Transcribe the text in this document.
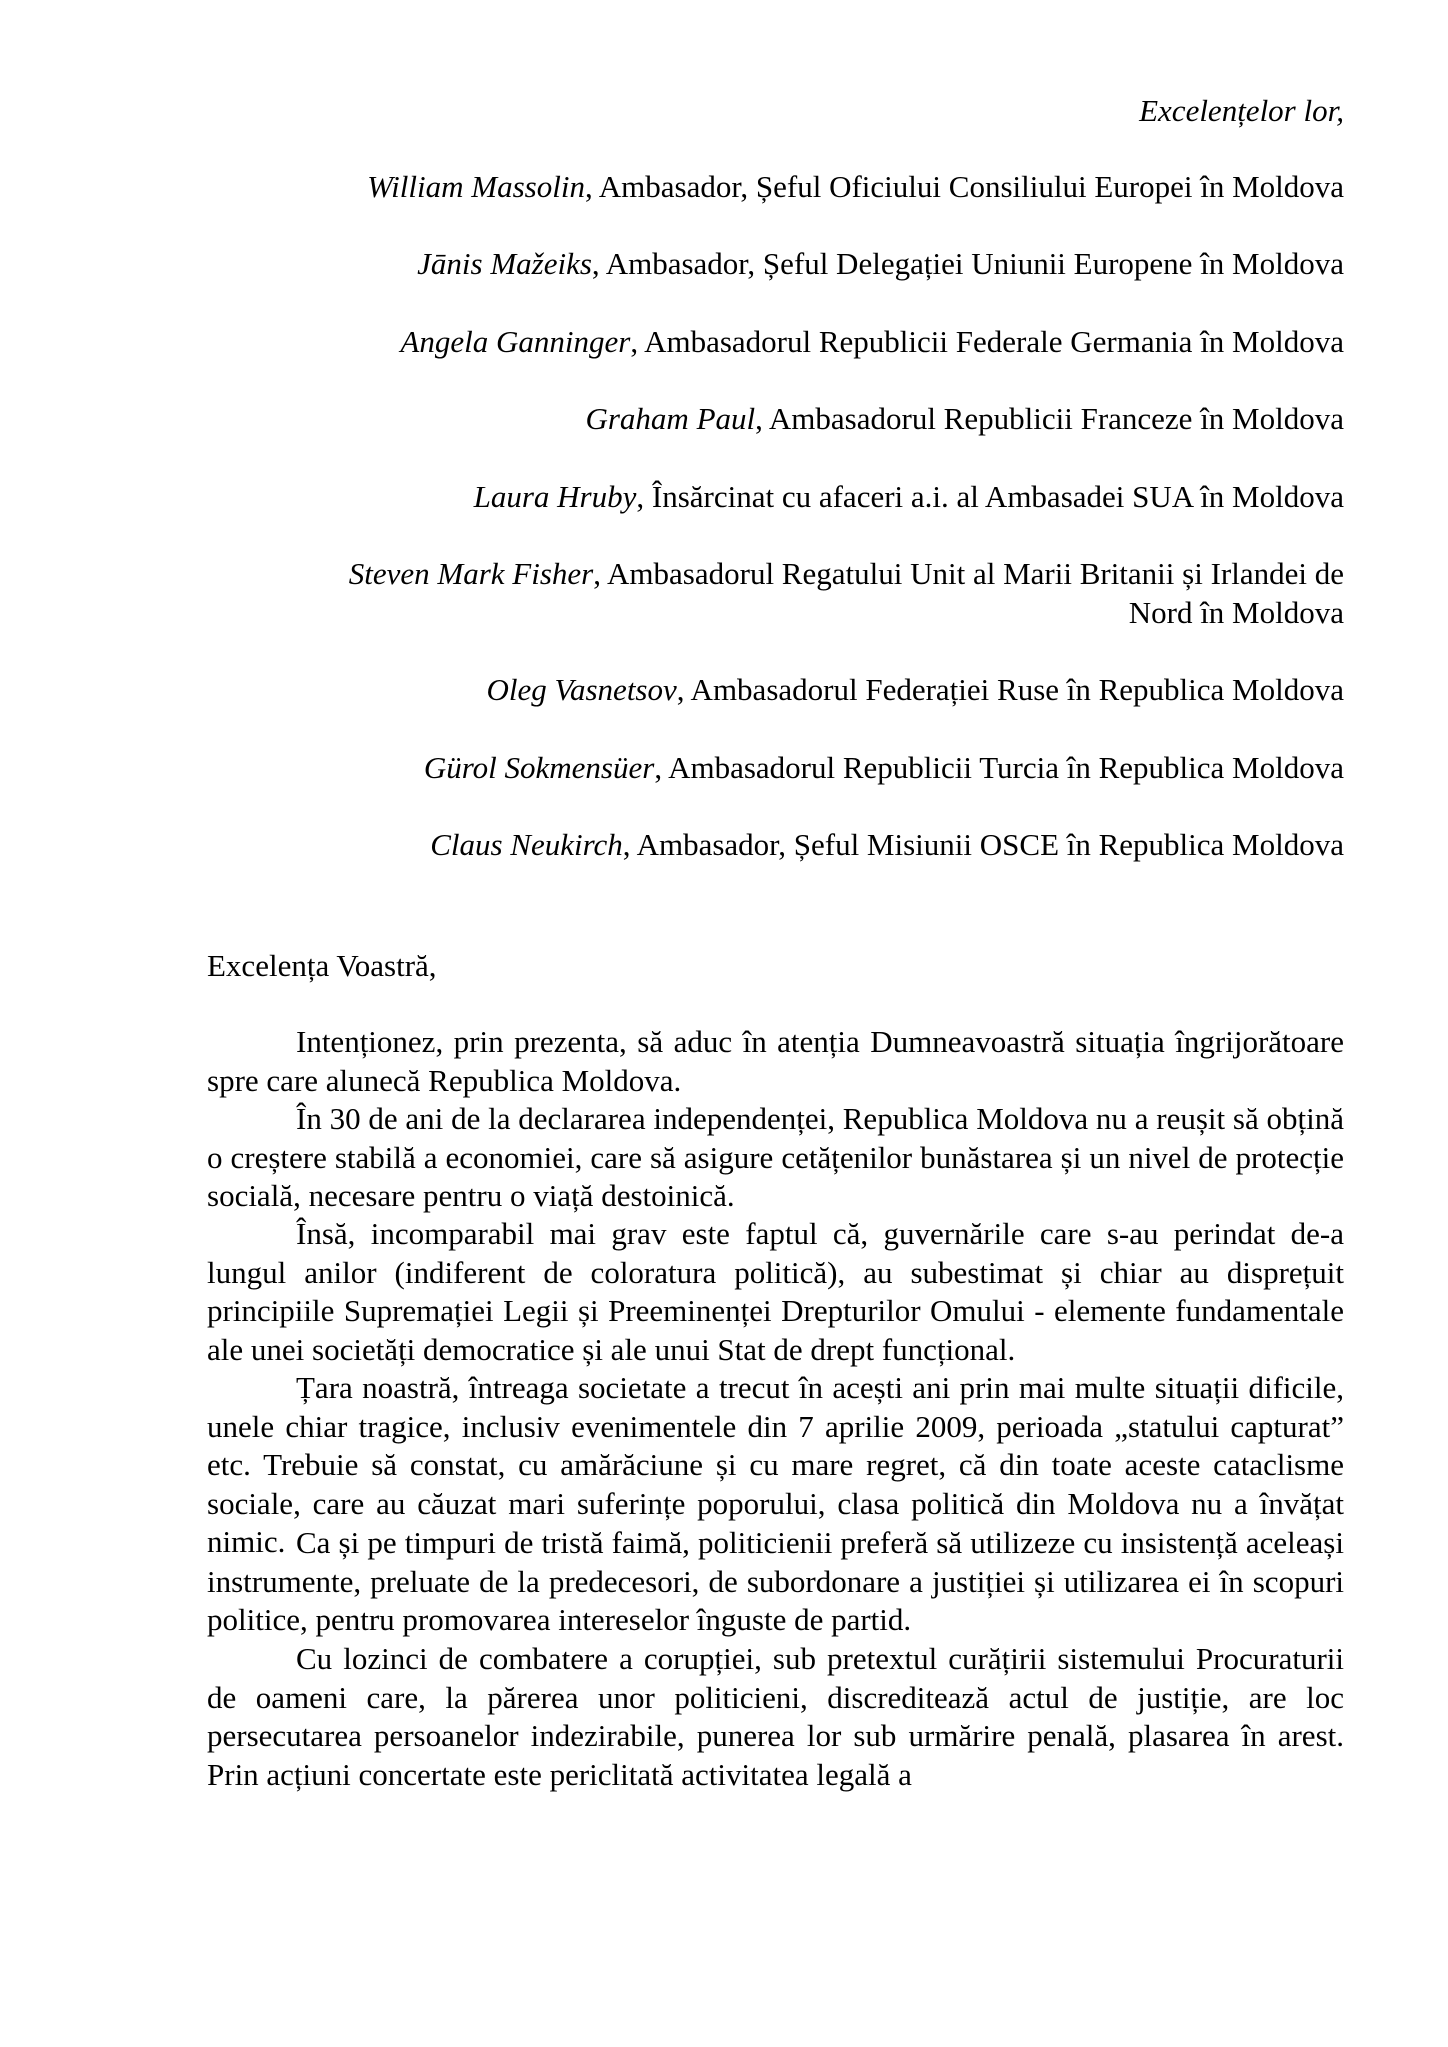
Excelențelor lor,
William Massolin, Ambasador, Șeful Oficiului Consiliului Europei în Moldova
Jānis Mažeiks, Ambasador, Șeful Delegației Uniunii Europene în Moldova
Angela Ganninger, Ambasadorul Republicii Federale Germania în Moldova
Graham Paul, Ambasadorul Republicii Franceze în Moldova
Laura Hruby, Însărcinat cu afaceri a.i. al Ambasadei SUA în Moldova
Steven Mark Fisher, Ambasadorul Regatului Unit al Marii Britanii și Irlandei de
Nord în Moldova
Oleg Vasnetsov, Ambasadorul Federației Ruse în Republica Moldova
Gürol Sokmensüer, Ambasadorul Republicii Turcia în Republica Moldova
Claus Neukirch, Ambasador, Șeful Misiunii OSCE în Republica Moldova
Excelența Voastră,
Intenționez, prin prezenta, să aduc în atenția Dumneavoastră situația îngrijorătoare spre care alunecă Republica Moldova.
În 30 de ani de la declararea independenței, Republica Moldova nu a reușit să obțină o creștere stabilă a economiei, care să asigure cetățenilor bunăstarea și un nivel de protecție socială, necesare pentru o viață destoinică.
Însă, incomparabil mai grav este faptul că, guvernările care s-au perindat de-a lungul anilor (indiferent de coloratura politică), au subestimat și chiar au disprețuit principiile Supremației Legii și Preeminenței Drepturilor Omului - elemente fundamentale ale unei societăți democratice și ale unui Stat de drept funcțional.
Țara noastră, întreaga societate a trecut în acești ani prin mai multe situații dificile, unele chiar tragice, inclusiv evenimentele din 7 aprilie 2009, perioada „statului capturat” etc. Trebuie să constat, cu amărăciune și cu mare regret, că din toate aceste cataclisme sociale, care au căuzat mari suferințe poporului, clasa politică din Moldova nu a învățat nimic. Ca și pe timpuri de tristă faimă, politicienii preferă să utilizeze cu insistență aceleași instrumente, preluate de la predecesori, de subordonare a justiției și utilizarea ei în scopuri politice, pentru promovarea intereselor înguste de partid.
Cu lozinci de combatere a corupției, sub pretextul curățirii sistemului Procuraturii de oameni care, la părerea unor politicieni, discreditează actul de justiție, are loc persecutarea persoanelor indezirabile, punerea lor sub urmărire penală, plasarea în arest. Prin acțiuni concertate este periclitată activitatea legală a
